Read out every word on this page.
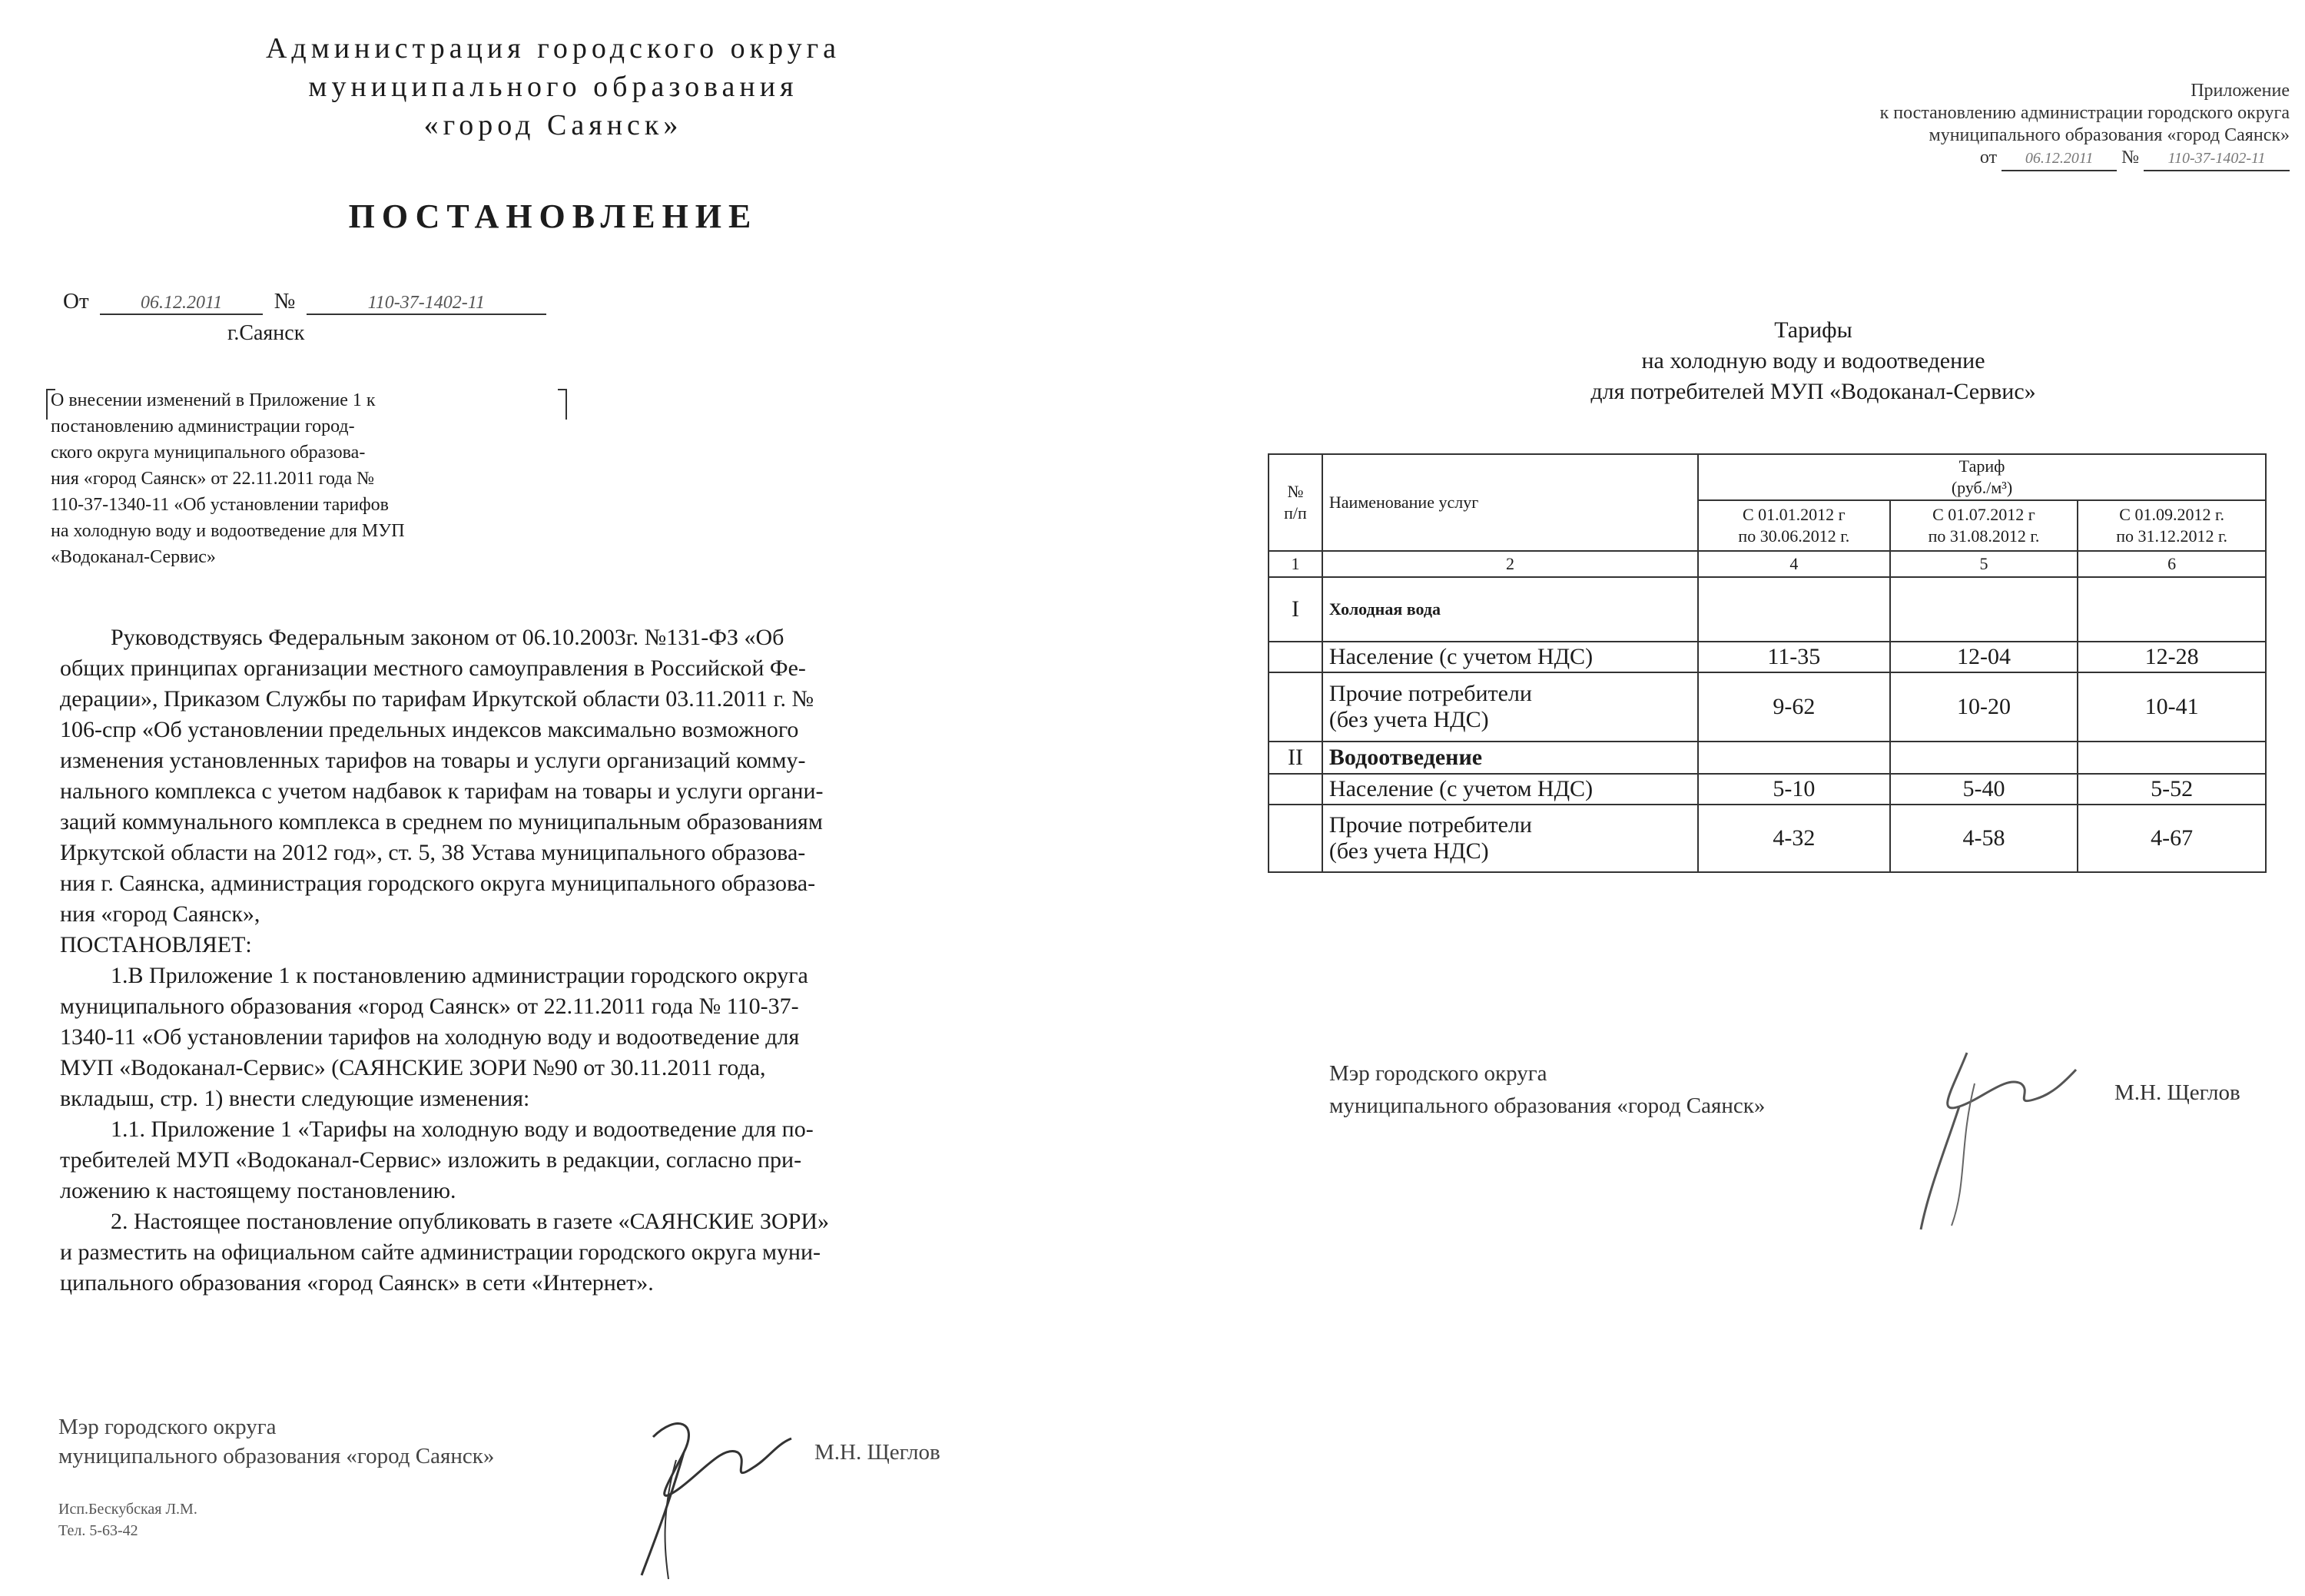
Администрация городского округа
муниципального образования
«город Саянск»
ПОСТАНОВЛЕНИЕ
От	06.12.2011 №	110-37-1402-11
г.Саянск
О внесении изменений в Приложение 1 к
постановлению администрации город-
ского округа муниципального образова-
ния «город Саянск» от 22.11.2011 года №
110-37-1340-11 «Об установлении тарифов
на холодную воду и водоотведение для МУП
«Водоканал-Сервис»
Руководствуясь Федеральным законом от 06.10.2003г. №131-ФЗ «Об
общих принципах организации местного самоуправления в Российской Фе-
дерации», Приказом Службы по тарифам Иркутской области 03.11.2011 г. №
106-спр «Об установлении предельных индексов максимально возможного
изменения установленных тарифов на товары и услуги организаций комму-
нального комплекса с учетом надбавок к тарифам на товары и услуги органи-
заций коммунального комплекса в среднем по муниципальным образованиям
Иркутской области на 2012 год», ст. 5, 38 Устава муниципального образова-
ния г. Саянска, администрация городского округа муниципального образова-
ния «город Саянск»,
ПОСТАНОВЛЯЕТ:
1.В Приложение 1 к постановлению администрации городского округа
муниципального образования «город Саянск» от 22.11.2011 года № 110-37-
1340-11 «Об установлении тарифов на холодную воду и водоотведение для
МУП «Водоканал-Сервис» (САЯНСКИЕ ЗОРИ №90 от 30.11.2011 года,
вкладыш, стр. 1) внести следующие изменения:
1.1. Приложение 1 «Тарифы на холодную воду и водоотведение для по-
требителей МУП «Водоканал-Сервис» изложить в редакции, согласно при-
ложению к настоящему постановлению.
2. Настоящее постановление опубликовать в газете «САЯНСКИЕ ЗОРИ»
и разместить на официальном сайте администрации городского округа муни-
ципального образования «город Саянск» в сети «Интернет».
Мэр городского округа
муниципального образования «город Саянск»	М.Н. Щеглов
Исп.Бескубская Л.М.
Тел. 5-63-42
Приложение
к постановлению администрации городского округа
муниципального образования «город Саянск»
от 06.12.2011 № 110-37-1402-11
Тарифы
на холодную воду и водоотведение
для потребителей МУП «Водоканал-Сервис»
№
п/п	Наименование услуг	Тариф
(руб./м³)		

		С 01.01.2012 г
по 30.06.2012 г.	С 01.07.2012 г
по 31.08.2012 г.	С 01.09.2012 г.
по 31.12.2012 г.

1	2	4	5	6
I	Холодная вода			
	Население (с учетом НДС)	11-35	12-04	12-28

	Прочие потребители
(без учета НДС)	9-62	10-20	10-41
II	Водоотведение			
	Население (с учетом НДС)	5-10	5-40	5-52

	Прочие потребители
(без учета НДС)	4-32	4-58	4-67
Мэр городского округа
муниципального образования «город Саянск»
М.Н. Щеглов
